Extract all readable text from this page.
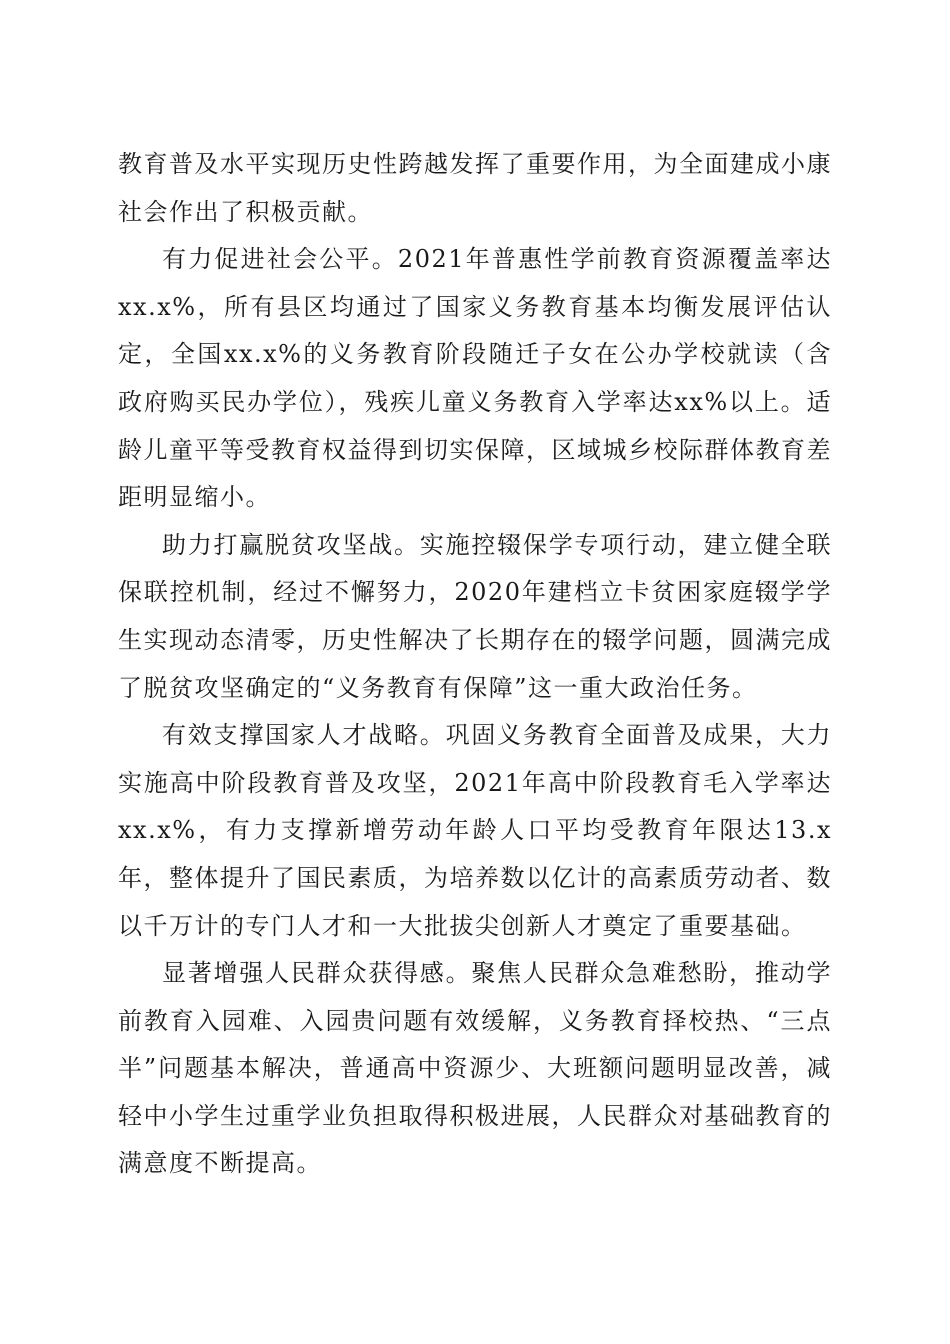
教育普及水平实现历史性跨越发挥了重要作用，为全面建成小康社会作出了积极贡献。

有力促进社会公平。2021年普惠性学前教育资源覆盖率达xx.x%，所有县区均通过了国家义务教育基本均衡发展评估认定，全国xx.x%的义务教育阶段随迁子女在公办学校就读（含政府购买民办学位），残疾儿童义务教育入学率达xx%以上。适龄儿童平等受教育权益得到切实保障，区域城乡校际群体教育差距明显缩小。

助力打赢脱贫攻坚战。实施控辍保学专项行动，建立健全联保联控机制，经过不懈努力，2020年建档立卡贫困家庭辍学学生实现动态清零，历史性解决了长期存在的辍学问题，圆满完成了脱贫攻坚确定的“义务教育有保障”这一重大政治任务。

有效支撑国家人才战略。巩固义务教育全面普及成果，大力实施高中阶段教育普及攻坚，2021年高中阶段教育毛入学率达xx.x%，有力支撑新增劳动年龄人口平均受教育年限达13.x年，整体提升了国民素质，为培养数以亿计的高素质劳动者、数以千万计的专门人才和一大批拔尖创新人才奠定了重要基础。

显著增强人民群众获得感。聚焦人民群众急难愁盼，推动学前教育入园难、入园贵问题有效缓解，义务教育择校热、“三点半”问题基本解决，普通高中资源少、大班额问题明显改善，减轻中小学生过重学业负担取得积极进展，人民群众对基础教育的满意度不断提高。
